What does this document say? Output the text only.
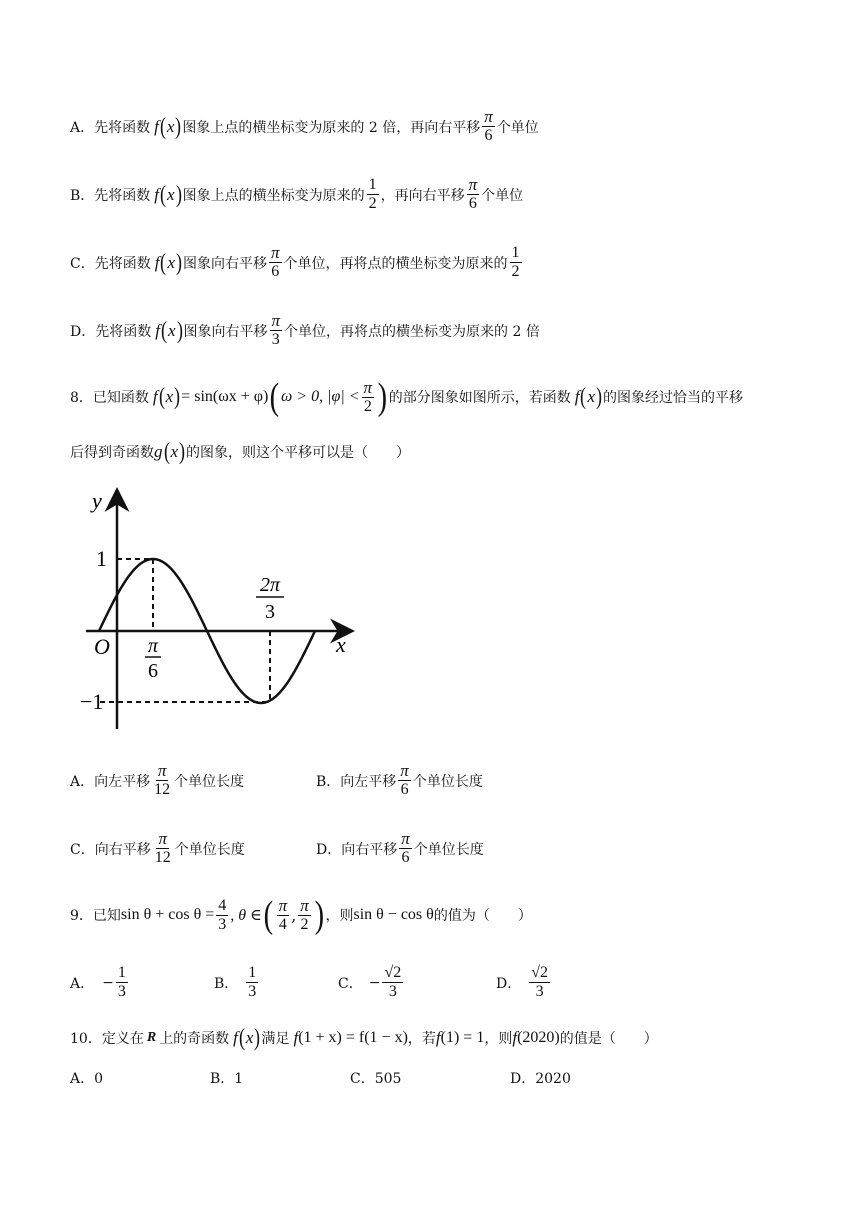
A．先将函数 f ( x ) 图象上点的横坐标变为原来的 2 倍，再向右平移 $\frac{\pi}{6}$ 个单位
B．先将函数 f ( x ) 图象上点的横坐标变为原来的 $\frac{1}{2}$ ，再向右平移 $\frac{\pi}{6}$ 个单位
C．先将函数 f ( x ) 图象向右平移 $\frac{\pi}{6}$ 个单位，再将点的横坐标变为原来的 $\frac{1}{2}$
D．先将函数 f ( x ) 图象向右平移 $\frac{\pi}{3}$ 个单位，再将点的横坐标变为原来的 2 倍
8．已知函数 f ( x ) = sin(ωx + φ) ( ω > 0, $|\varphi| < \frac{\pi}{2}$ ) 的部分图象如图所示，若函数 f ( x ) 的图象经过恰当的平移
后得到奇函数 g ( x ) 的图象，则这个平移可以是（　　）
y
x
O
1
−1
π
6
2π
3
A．向左平移 $\frac{\pi}{12}$ 个单位长度	B．向左平移 $\frac{\pi}{6}$ 个单位长度
C．向右平移 $\frac{\pi}{12}$ 个单位长度	D．向右平移 $\frac{\pi}{6}$ 个单位长度
9．已知 $\sin \theta + \cos \theta = \frac{4}{3}$ , θ ∈ ( $\frac{\pi}{4}$ , $\frac{\pi}{2}$ ) ，则 sin θ − cos θ 的值为（　　）
A． − $\frac{1}{3}$	B． $\frac{1}{3}$	C． − $\frac{√2}{3}$	D． $\frac{√2}{3}$
10．定义在 R 上的奇函数 f ( x ) 满足 f (1 + x) = f(1 − x) ，若 f (1) = 1 ，则 f (2020) 的值是（　　）
A．0	B．1	C．505	D．2020
